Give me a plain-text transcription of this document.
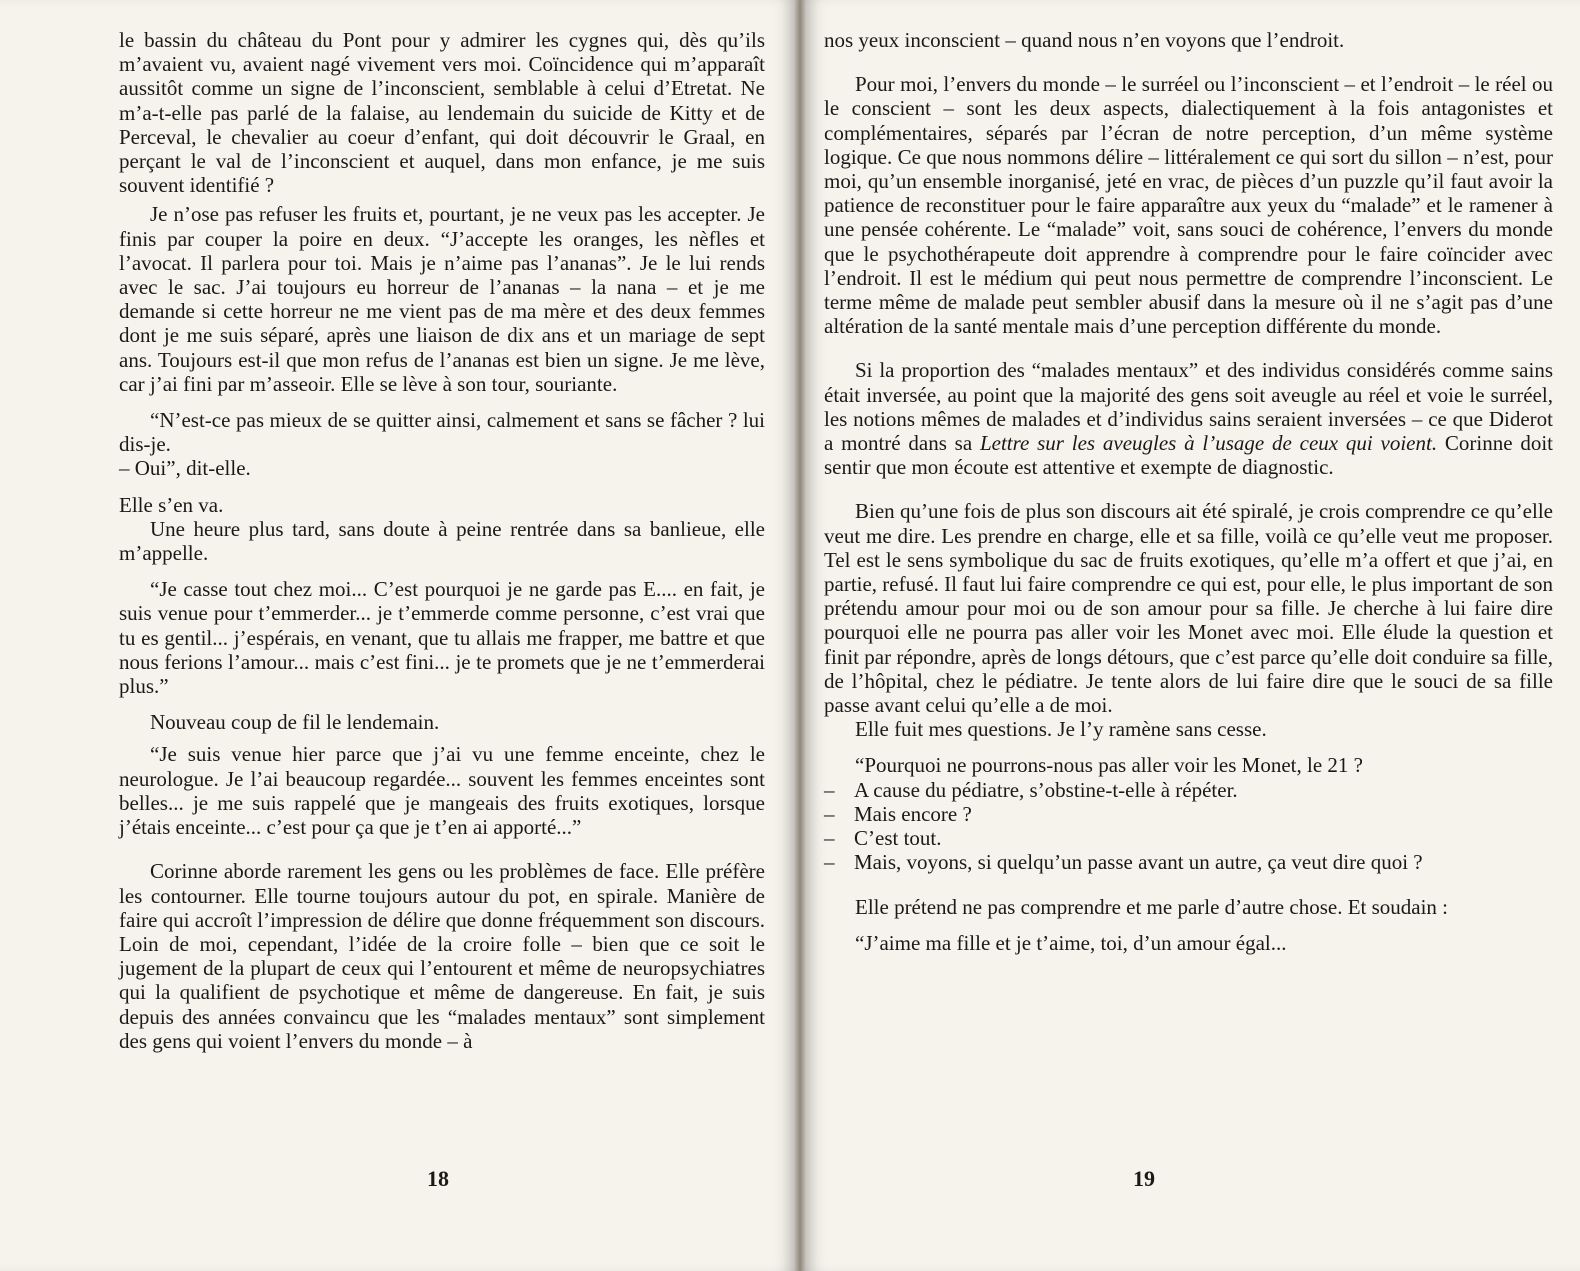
le bassin du château du Pont pour y admirer les cygnes qui, dès qu’ils m’avaient vu, avaient nagé vivement vers moi. Coïncidence qui m’apparaît aussitôt comme un signe de l’inconscient, semblable à celui d’Etretat. Ne m’a-t-elle pas parlé de la falaise, au lendemain du suicide de Kitty et de Perceval, le chevalier au coeur d’enfant, qui doit découvrir le Graal, en perçant le val de l’inconscient et auquel, dans mon enfance, je me suis souvent identifié ?

Je n’ose pas refuser les fruits et, pourtant, je ne veux pas les accepter. Je finis par couper la poire en deux. “J’accepte les oranges, les nèfles et l’avocat. Il parlera pour toi. Mais je n’aime pas l’ananas”. Je le lui rends avec le sac. J’ai toujours eu horreur de l’ananas – la nana – et je me demande si cette horreur ne me vient pas de ma mère et des deux femmes dont je me suis séparé, après une liaison de dix ans et un mariage de sept ans. Toujours est-il que mon refus de l’ananas est bien un signe. Je me lève, car j’ai fini par m’asseoir. Elle se lève à son tour, souriante.

“N’est-ce pas mieux de se quitter ainsi, calmement et sans se fâcher ? lui dis-je.

– Oui”, dit-elle.

Elle s’en va.

Une heure plus tard, sans doute à peine rentrée dans sa banlieue, elle m’appelle.

“Je casse tout chez moi... C’est pourquoi je ne garde pas E.... en fait, je suis venue pour t’emmerder... je t’emmerde comme personne, c’est vrai que tu es gentil... j’espérais, en venant, que tu allais me frapper, me battre et que nous ferions l’amour... mais c’est fini... je te promets que je ne t’emmerderai plus.”

Nouveau coup de fil le lendemain.

“Je suis venue hier parce que j’ai vu une femme enceinte, chez le neurologue. Je l’ai beaucoup regardée... souvent les femmes enceintes sont belles... je me suis rappelé que je mangeais des fruits exotiques, lorsque j’étais enceinte... c’est pour ça que je t’en ai apporté...”

Corinne aborde rarement les gens ou les problèmes de face. Elle préfère les contourner. Elle tourne toujours autour du pot, en spirale. Manière de faire qui accroît l’impression de délire que donne fréquemment son discours. Loin de moi, cependant, l’idée de la croire folle – bien que ce soit le jugement de la plupart de ceux qui l’entourent et même de neuropsychiatres qui la qualifient de psychotique et même de dangereuse. En fait, je suis depuis des années convaincu que les “malades mentaux” sont simplement des gens qui voient l’envers du monde – à

18

nos yeux inconscient – quand nous n’en voyons que l’endroit.

Pour moi, l’envers du monde – le surréel ou l’inconscient – et l’endroit – le réel ou le conscient – sont les deux aspects, dialectiquement à la fois antagonistes et complémentaires, séparés par l’écran de notre perception, d’un même système logique. Ce que nous nommons délire – littéralement ce qui sort du sillon – n’est, pour moi, qu’un ensemble inorganisé, jeté en vrac, de pièces d’un puzzle qu’il faut avoir la patience de reconstituer pour le faire apparaître aux yeux du “malade” et le ramener à une pensée cohérente. Le “malade” voit, sans souci de cohérence, l’envers du monde que le psychothérapeute doit apprendre à comprendre pour le faire coïncider avec l’endroit. Il est le médium qui peut nous permettre de comprendre l’inconscient. Le terme même de malade peut sembler abusif dans la mesure où il ne s’agit pas d’une altération de la santé mentale mais d’une perception différente du monde.

Si la proportion des “malades mentaux” et des individus considérés comme sains était inversée, au point que la majorité des gens soit aveugle au réel et voie le surréel, les notions mêmes de malades et d’individus sains seraient inversées – ce que Diderot a montré dans sa Lettre sur les aveugles à l’usage de ceux qui voient. Corinne doit sentir que mon écoute est attentive et exempte de diagnostic.

Bien qu’une fois de plus son discours ait été spiralé, je crois comprendre ce qu’elle veut me dire. Les prendre en charge, elle et sa fille, voilà ce qu’elle veut me proposer. Tel est le sens symbolique du sac de fruits exotiques, qu’elle m’a offert et que j’ai, en partie, refusé. Il faut lui faire comprendre ce qui est, pour elle, le plus important de son prétendu amour pour moi ou de son amour pour sa fille. Je cherche à lui faire dire pourquoi elle ne pourra pas aller voir les Monet avec moi. Elle élude la question et finit par répondre, après de longs détours, que c’est parce qu’elle doit conduire sa fille, de l’hôpital, chez le pédiatre. Je tente alors de lui faire dire que le souci de sa fille passe avant celui qu’elle a de moi.

Elle fuit mes questions. Je l’y ramène sans cesse.

“Pourquoi ne pourrons-nous pas aller voir les Monet, le 21 ?

– A cause du pédiatre, s’obstine-t-elle à répéter.

– Mais encore ?

– C’est tout.

– Mais, voyons, si quelqu’un passe avant un autre, ça veut dire quoi ?

Elle prétend ne pas comprendre et me parle d’autre chose. Et soudain :

“J’aime ma fille et je t’aime, toi, d’un amour égal...

19
